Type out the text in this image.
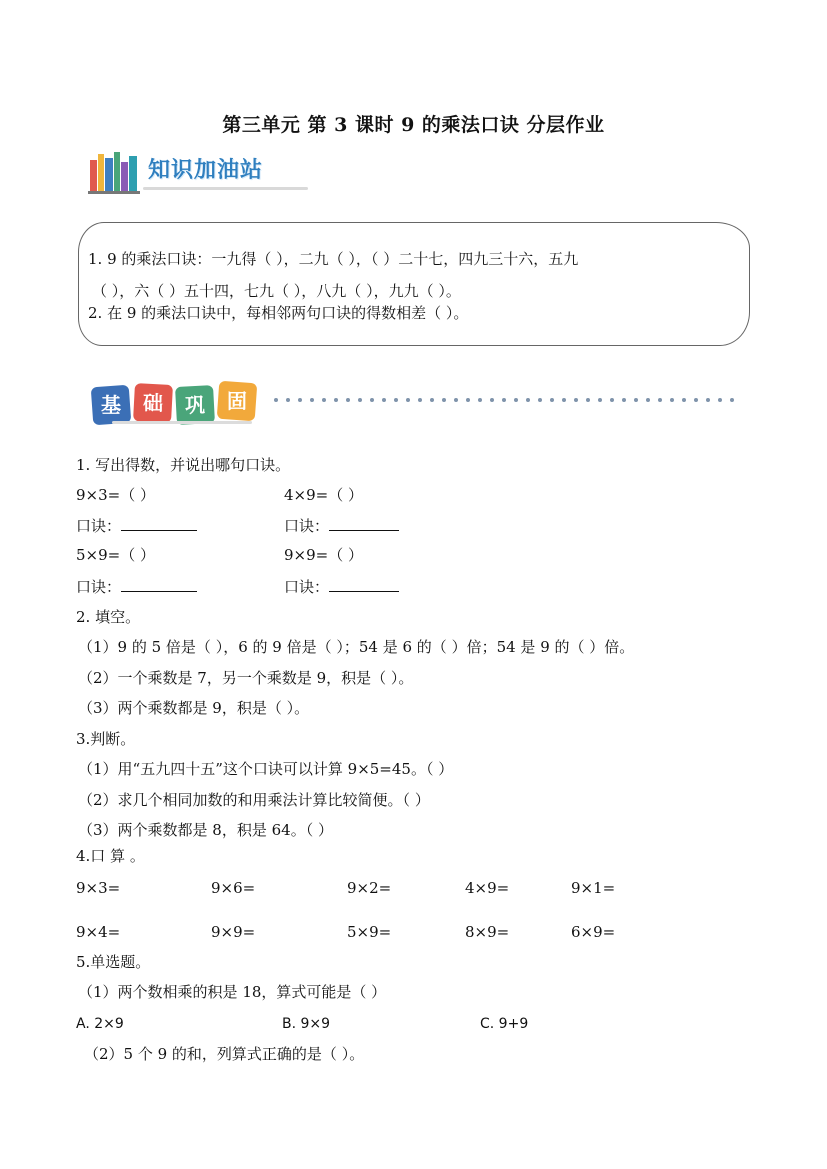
第三单元 第 3 课时 9 的乘法口诀 分层作业
知识加油站
1. 9 的乘法口诀：一九得（ ），二九（ ），（ ）二十七，四九三十六，五九
（ ），六（ ）五十四，七九（ ），八九（ ），九九（ ）。
2. 在 9 的乘法口诀中，每相邻两句口诀的得数相差（ ）。
基 础 巩 固
1. 写出得数，并说出哪句口诀。
9×3=（ ）	4×9=（ ）
口诀：	口诀：
5×9=（ ）	9×9=（ ）
口诀：	口诀：
2. 填空。
（1）9 的 5 倍是（ ），6 的 9 倍是（ ）；54 是 6 的（ ）倍；54 是 9 的（ ）倍。
（2）一个乘数是 7，另一个乘数是 9，积是（ ）。
（3）两个乘数都是 9，积是（ ）。
3.判断。
（1）用“五九四十五”这个口诀可以计算 9×5=45。（ ）
（2）求几个相同加数的和用乘法计算比较简便。（ ）
（3）两个乘数都是 8，积是 64。（ ）
4.口 算 。
9×3=	9×6=	9×2=	4×9=	9×1=
9×4=	9×9=	5×9=	8×9=	6×9=
5.单选题。
（1）两个数相乘的积是 18，算式可能是（ ）
A. 2×9	B. 9×9	C. 9+9
（2）5 个 9 的和，列算式正确的是（ ）。
